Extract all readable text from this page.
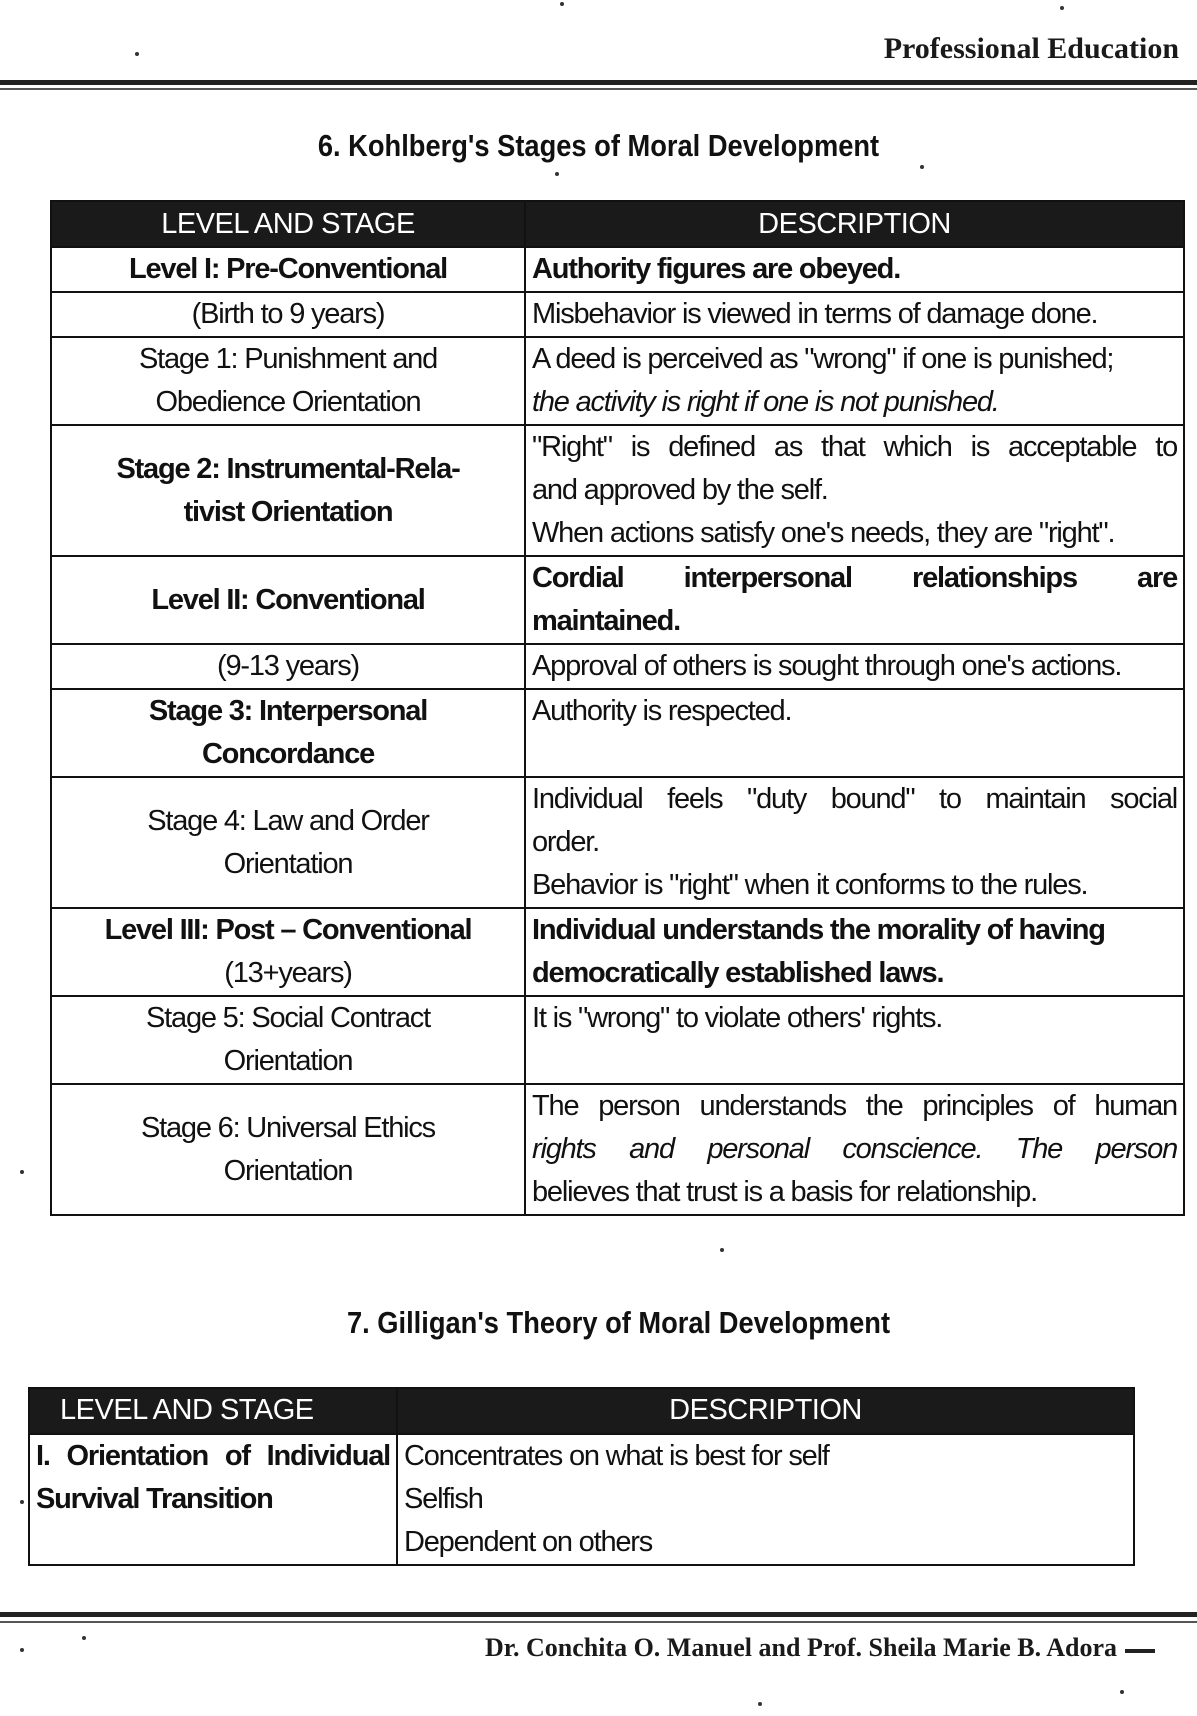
Professional Education
6. Kohlberg's Stages of Moral Development
LEVEL AND STAGE	DESCRIPTION

Level I: Pre-Conventional	Authority figures are obeyed.

(Birth to 9 years)	Misbehavior is viewed in terms of damage done.

Stage 1: Punishment and
Obedience Orientation	A deed is perceived as "wrong" if one is punished;
the activity is right if one is not punished.

Stage 2: Instrumental-Rela-
tivist Orientation	"Right" is defined as that which is acceptable to
and approved by the self.
When actions satisfy one's needs, they are "right".

Level II: Conventional	Cordial interpersonal relationships are
maintained.

(9-13 years)	Approval of others is sought through one's actions.

Stage 3: Interpersonal
Concordance	Authority is respected.

Stage 4: Law and Order
Orientation	Individual feels "duty bound" to maintain social
order.
Behavior is "right" when it conforms to the rules.

Level III: Post – Conventional
(13+years)	Individual understands the morality of having
democratically established laws.

Stage 5: Social Contract
Orientation	It is "wrong" to violate others' rights.

Stage 6: Universal Ethics
Orientation	The person understands the principles of human
rights and personal conscience. The person
believes that trust is a basis for relationship.
7. Gilligan's Theory of Moral Development
LEVEL AND STAGE	DESCRIPTION
I. Orientation of Individual Survival Transition	Concentrates on what is best for self
Selfish
Dependent on others
Dr. Conchita O. Manuel and Prof. Sheila Marie B. Adora
